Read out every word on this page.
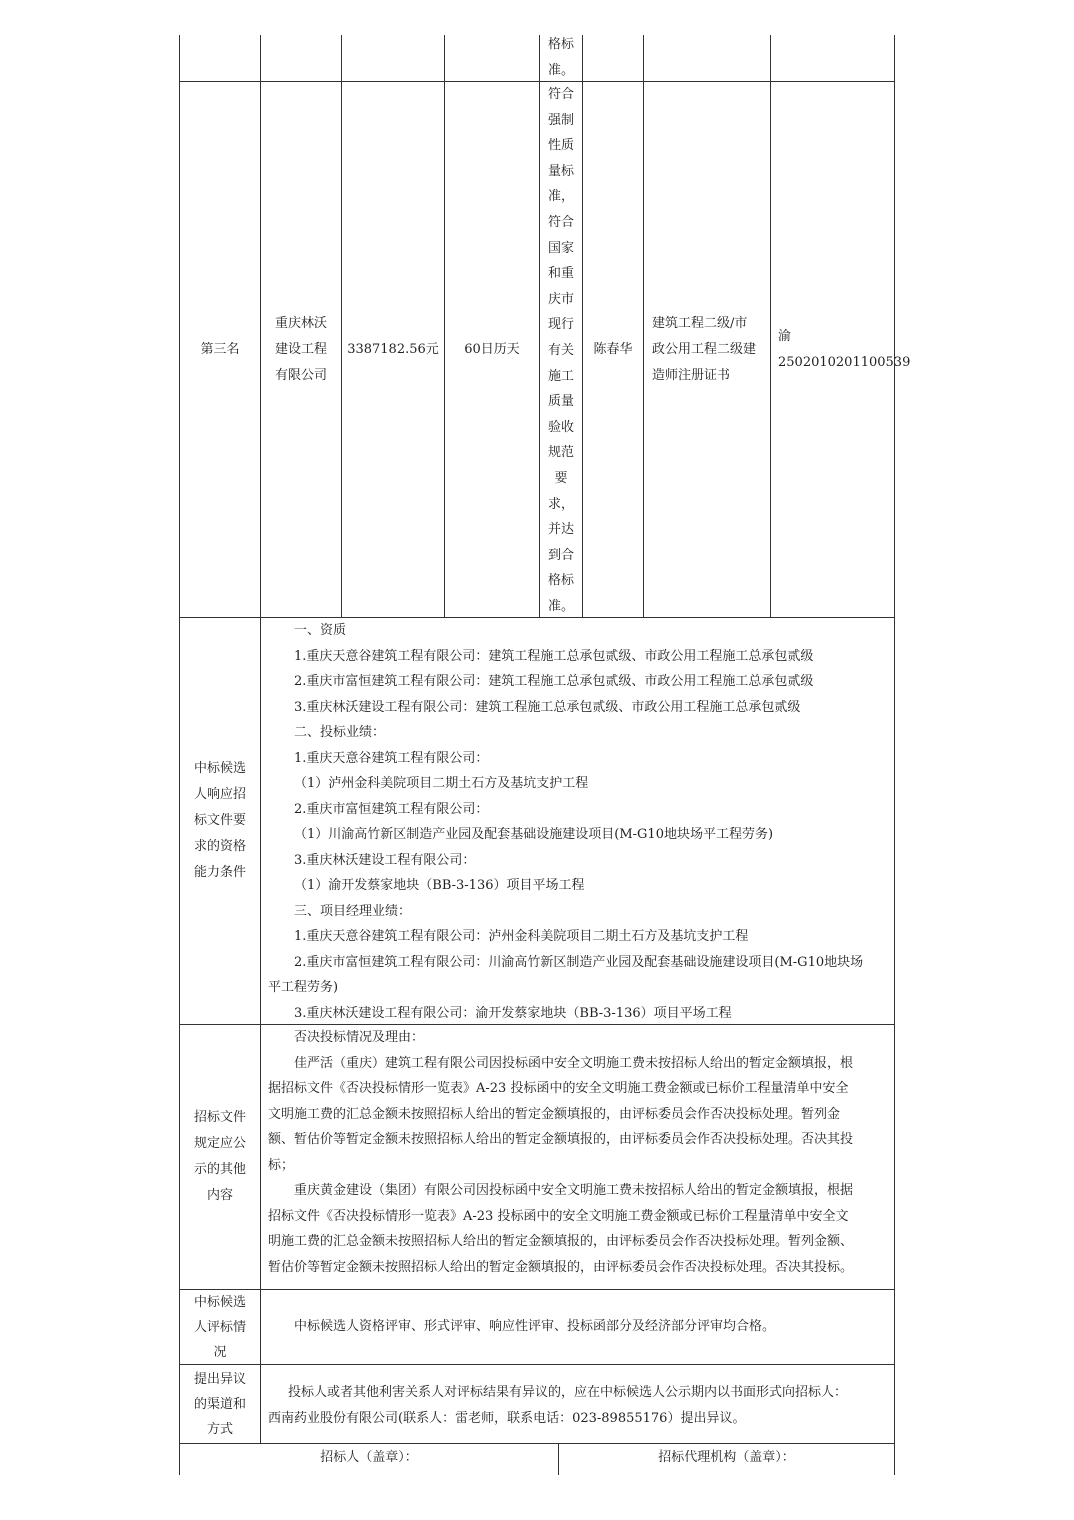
格标
准。
第三名
重庆林沃
建设工程
有限公司
3387182.56元 60日历天
符合
强制
性质
量标
准，
符合
国家
和重
庆市
现行
有关
施工
质量
验收
规范
要
求，
并达
到合
格标
准。
陈春华
建筑工程二级/市
政公用工程二级建
造师注册证书
渝
2502010201100539
中标候选
人响应招
标文件要
求的资格
能力条件
一、资质
1.重庆天意谷建筑工程有限公司：建筑工程施工总承包贰级、市政公用工程施工总承包贰级
2.重庆市富恒建筑工程有限公司：建筑工程施工总承包贰级、市政公用工程施工总承包贰级
3.重庆林沃建设工程有限公司：建筑工程施工总承包贰级、市政公用工程施工总承包贰级
二、投标业绩：
1.重庆天意谷建筑工程有限公司：
（1）泸州金科美院项目二期土石方及基坑支护工程
2.重庆市富恒建筑工程有限公司：
（1）川渝高竹新区制造产业园及配套基础设施建设项目(M-G10地块场平工程劳务)
3.重庆林沃建设工程有限公司：
（1）渝开发蔡家地块（BB-3-136）项目平场工程
三、项目经理业绩：
1.重庆天意谷建筑工程有限公司：泸州金科美院项目二期土石方及基坑支护工程
2.重庆市富恒建筑工程有限公司：川渝高竹新区制造产业园及配套基础设施建设项目(M-G10地块场
平工程劳务)
3.重庆林沃建设工程有限公司：渝开发蔡家地块（BB-3-136）项目平场工程
招标文件
规定应公
示的其他
内容
否决投标情况及理由：
佳严活（重庆）建筑工程有限公司因投标函中安全文明施工费未按招标人给出的暂定金额填报，根
据招标文件《否决投标情形一览表》A-23 投标函中的安全文明施工费金额或已标价工程量清单中安全
文明施工费的汇总金额未按照招标人给出的暂定金额填报的，由评标委员会作否决投标处理。暂列金
额、暂估价等暂定金额未按照招标人给出的暂定金额填报的，由评标委员会作否决投标处理。否决其投
标；
重庆黄金建设（集团）有限公司因投标函中安全文明施工费未按招标人给出的暂定金额填报，根据
招标文件《否决投标情形一览表》A-23 投标函中的安全文明施工费金额或已标价工程量清单中安全文
明施工费的汇总金额未按照招标人给出的暂定金额填报的，由评标委员会作否决投标处理。暂列金额、
暂估价等暂定金额未按照招标人给出的暂定金额填报的，由评标委员会作否决投标处理。否决其投标。
中标候选
人评标情
况
中标候选人资格评审、形式评审、响应性评审、投标函部分及经济部分评审均合格。
提出异议
的渠道和
方式
投标人或者其他利害关系人对评标结果有异议的，应在中标候选人公示期内以书面形式向招标人：
西南药业股份有限公司(联系人：雷老师，联系电话：023-89855176）提出异议。
招标人（盖章）：	招标代理机构（盖章）：
